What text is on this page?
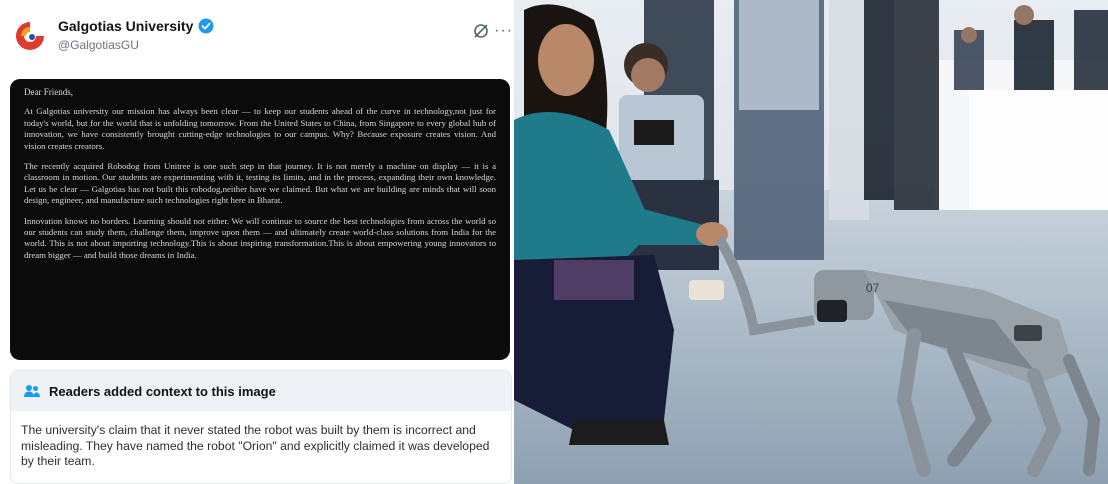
Galgotias University
@GalgotiasGU
···

Dear Friends,

At Galgotias university our mission has always been clear — to keep our students ahead of the curve in technology,not just for today's world, but for the world that is unfolding tomorrow. From the United States to China, from Singapore to every global hub of innovation, we have consistently brought cutting-edge technologies to our campus. Why? Because exposure creates vision. And vision creates creators.

The recently acquired Robodog from Unitree is one such step in that journey. It is not merely a machine on display — it is a classroom in motion. Our students are experimenting with it, testing its limits, and in the process, expanding their own knowledge. Let us be clear — Galgotias has not built this robodog,neither have we claimed. But what we are building are minds that will soon design, engineer, and manufacture such technologies right here in Bharat.

Innovation knows no borders. Learning should not either. We will continue to source the best technologies from across the world so our students can study them, challenge them, improve upon them — and ultimately create world-class solutions from India for the world. This is not about importing technology.This is about inspiring transformation.This is about empowering young innovators to dream bigger — and build those dreams in India.

Readers added context to this image
The university's claim that it never stated the robot was built by them is incorrect and misleading. They have named the robot "Orion" and explicitly claimed it was developed by their team.
07
